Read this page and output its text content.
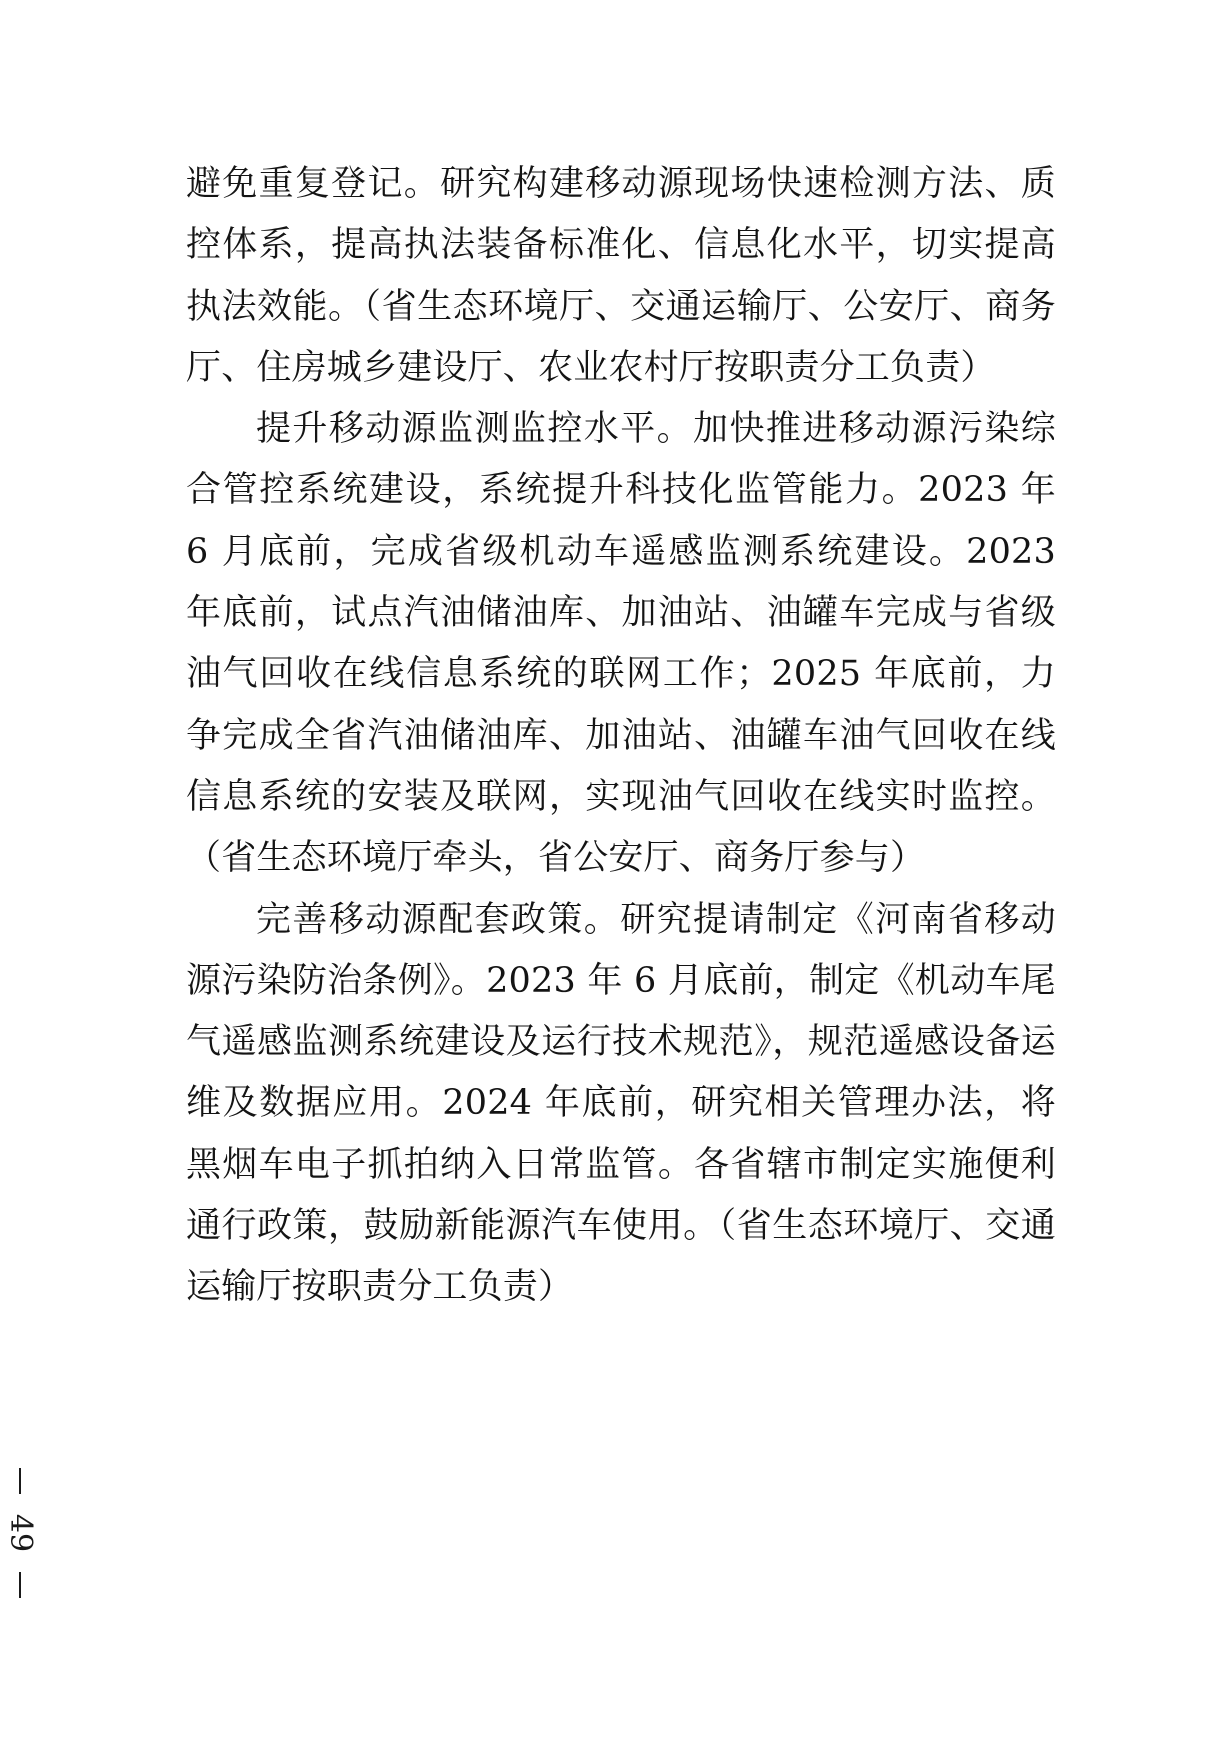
避免重复登记。研究构建移动源现场快速检测方法、质控体系，提高执法装备标准化、信息化水平，切实提高执法效能。（省生态环境厅、交通运输厅、公安厅、商务厅、住房城乡建设厅、农业农村厅按职责分工负责）

提升移动源监测监控水平。加快推进移动源污染综合管控系统建设，系统提升科技化监管能力。2023 年 6 月底前，完成省级机动车遥感监测系统建设。2023 年底前，试点汽油储油库、加油站、油罐车完成与省级油气回收在线信息系统的联网工作；2025 年底前，力争完成全省汽油储油库、加油站、油罐车油气回收在线信息系统的安装及联网，实现油气回收在线实时监控。（省生态环境厅牵头，省公安厅、商务厅参与）

完善移动源配套政策。研究提请制定《河南省移动源污染防治条例》。2023 年 6 月底前，制定《机动车尾气遥感监测系统建设及运行技术规范》，规范遥感设备运维及数据应用。2024 年底前，研究相关管理办法，将黑烟车电子抓拍纳入日常监管。各省辖市制定实施便利通行政策，鼓励新能源汽车使用。（省生态环境厅、交通运输厅按职责分工负责）

49
